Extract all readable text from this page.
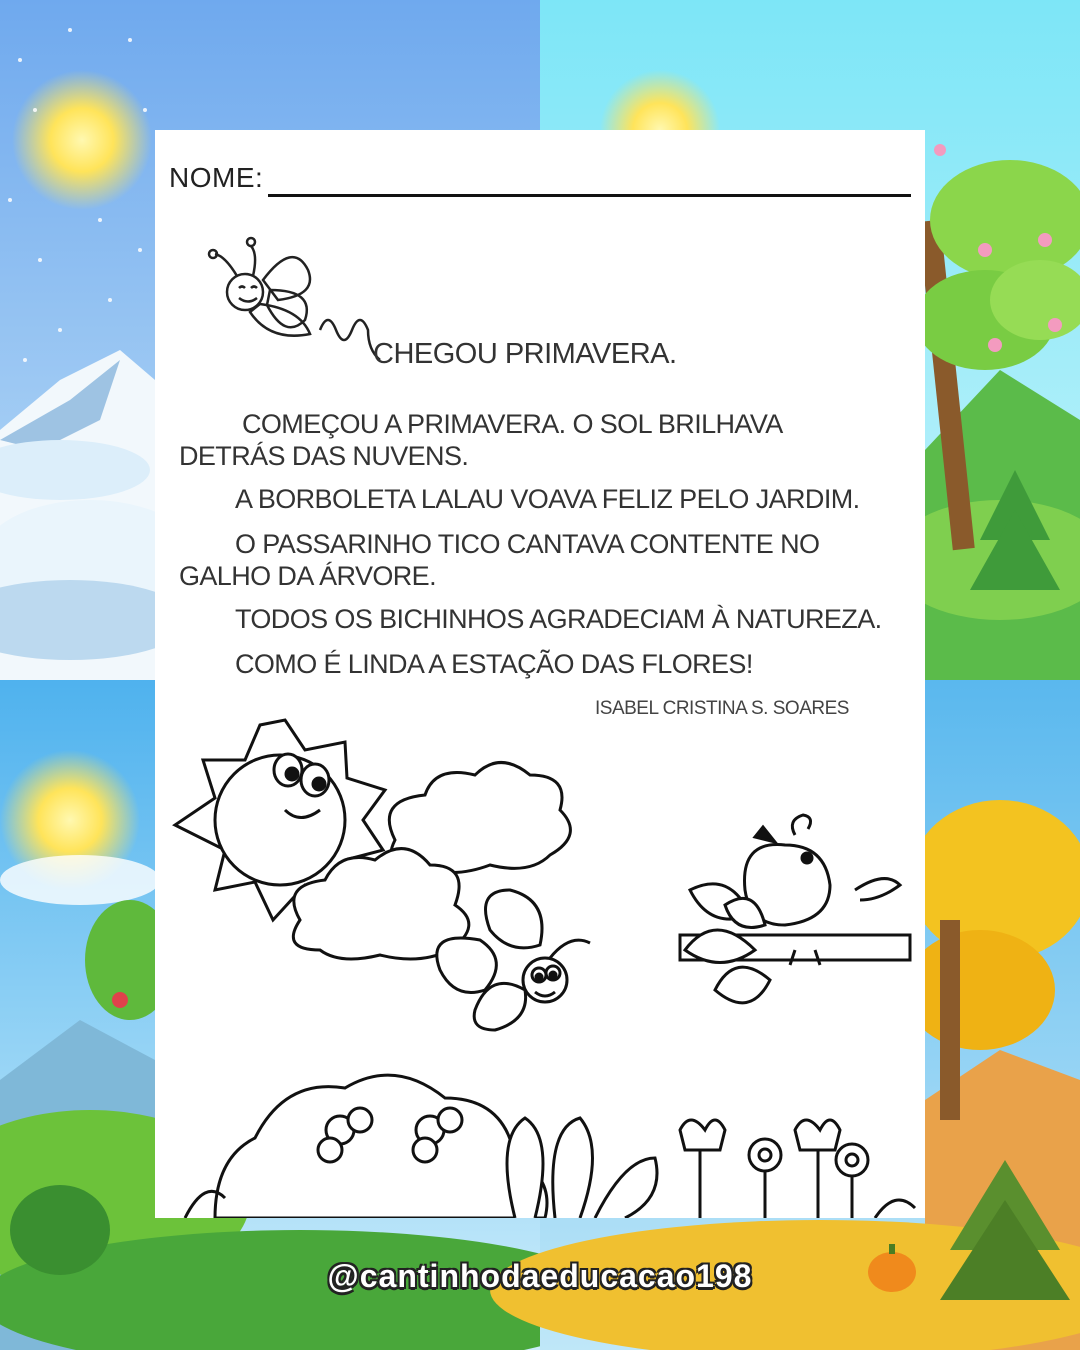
NOME:
CHEGOU PRIMAVERA.
COMEÇOU A PRIMAVERA. O SOL BRILHAVA
DETRÁS DAS NUVENS.
A BORBOLETA LALAU VOAVA FELIZ PELO JARDIM.
O PASSARINHO TICO CANTAVA CONTENTE NO
GALHO DA ÁRVORE.
TODOS OS BICHINHOS AGRADECIAM À NATUREZA.
COMO É LINDA A ESTAÇÃO DAS FLORES!
ISABEL CRISTINA S. SOARES
@cantinhodaeducacao198
